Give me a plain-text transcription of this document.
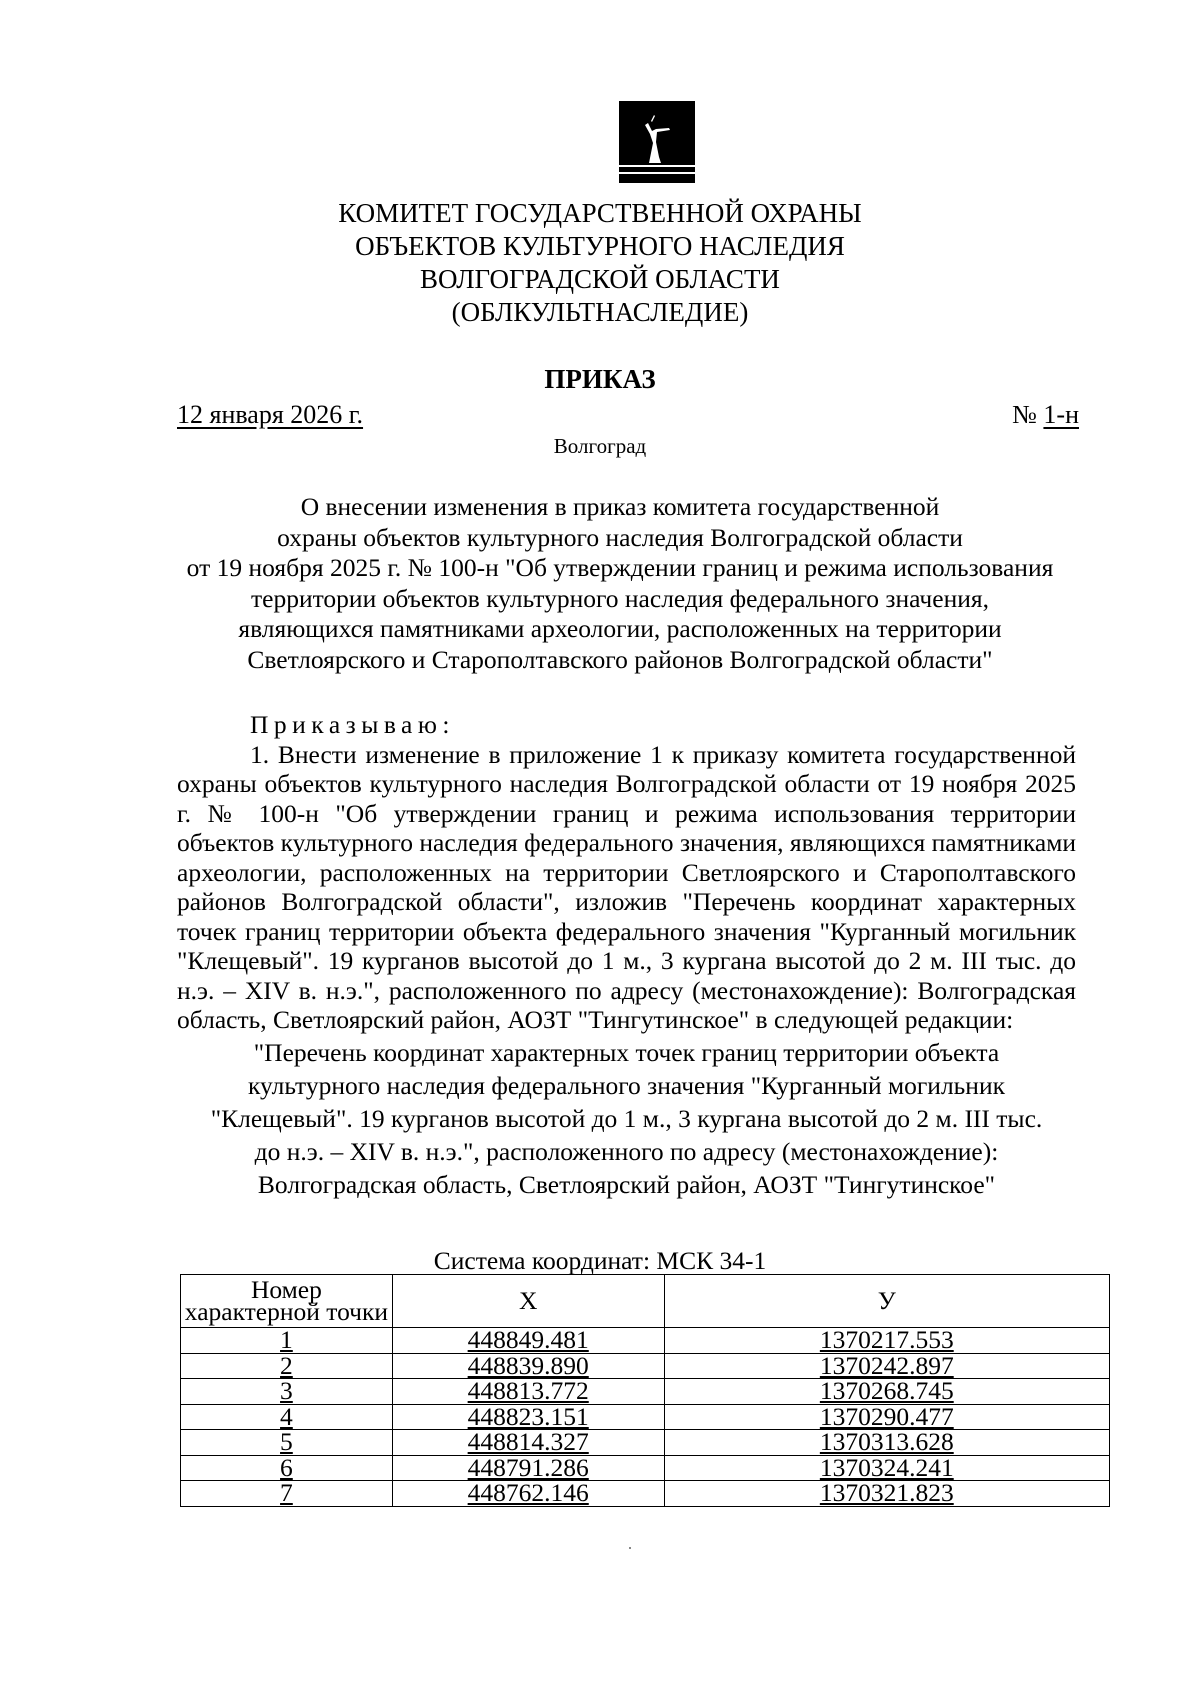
КОМИТЕТ ГОСУДАРСТВЕННОЙ ОХРАНЫ
ОБЪЕКТОВ КУЛЬТУРНОГО НАСЛЕДИЯ
ВОЛГОГРАДСКОЙ ОБЛАСТИ
(ОБЛКУЛЬТНАСЛЕДИЕ)
ПРИКАЗ
12 января 2026 г.	№ 1-н
Волгоград
О внесении изменения в приказ комитета государственной
охраны объектов культурного наследия Волгоградской области
от 19 ноября 2025 г. № 100-н "Об утверждении границ и режима использования
территории объектов культурного наследия федерального значения,
являющихся памятниками археологии, расположенных на территории
Светлоярского и Старополтавского районов Волгоградской области"

Приказываю:

1. Внести изменение в приложение 1 к приказу комитета государственной охраны объектов культурного наследия Волгоградской области от 19 ноября 2025 г. № 100-н "Об утверждении границ и режима использования территории объектов культурного наследия федерального значения, являющихся памятниками археологии, расположенных на территории Светлоярского и Старополтавского районов Волгоградской области", изложив "Перечень координат характерных точек границ территории объекта федерального значения "Курганный могильник "Клещевый". 19 курганов высотой до 1 м., 3 кургана высотой до 2 м. III тыс. до н.э. – XIV в. н.э.", расположенного по адресу (местонахождение): Волгоградская область, Светлоярский район, АОЗТ "Тингутинское" в следующей редакции:

"Перечень координат характерных точек границ территории объекта
культурного наследия федерального значения "Курганный могильник
"Клещевый". 19 курганов высотой до 1 м., 3 кургана высотой до 2 м. III тыс.
до н.э. – XIV в. н.э.", расположенного по адресу (местонахождение):
Волгоградская область, Светлоярский район, АОЗТ "Тингутинское"
Система координат: МСК 34-1
Номер характерной точки	X	У
1	448849.481	1370217.553
2	448839.890	1370242.897
3	448813.772	1370268.745
4	448823.151	1370290.477
5	448814.327	1370313.628
6	448791.286	1370324.241
7	448762.146	1370321.823
